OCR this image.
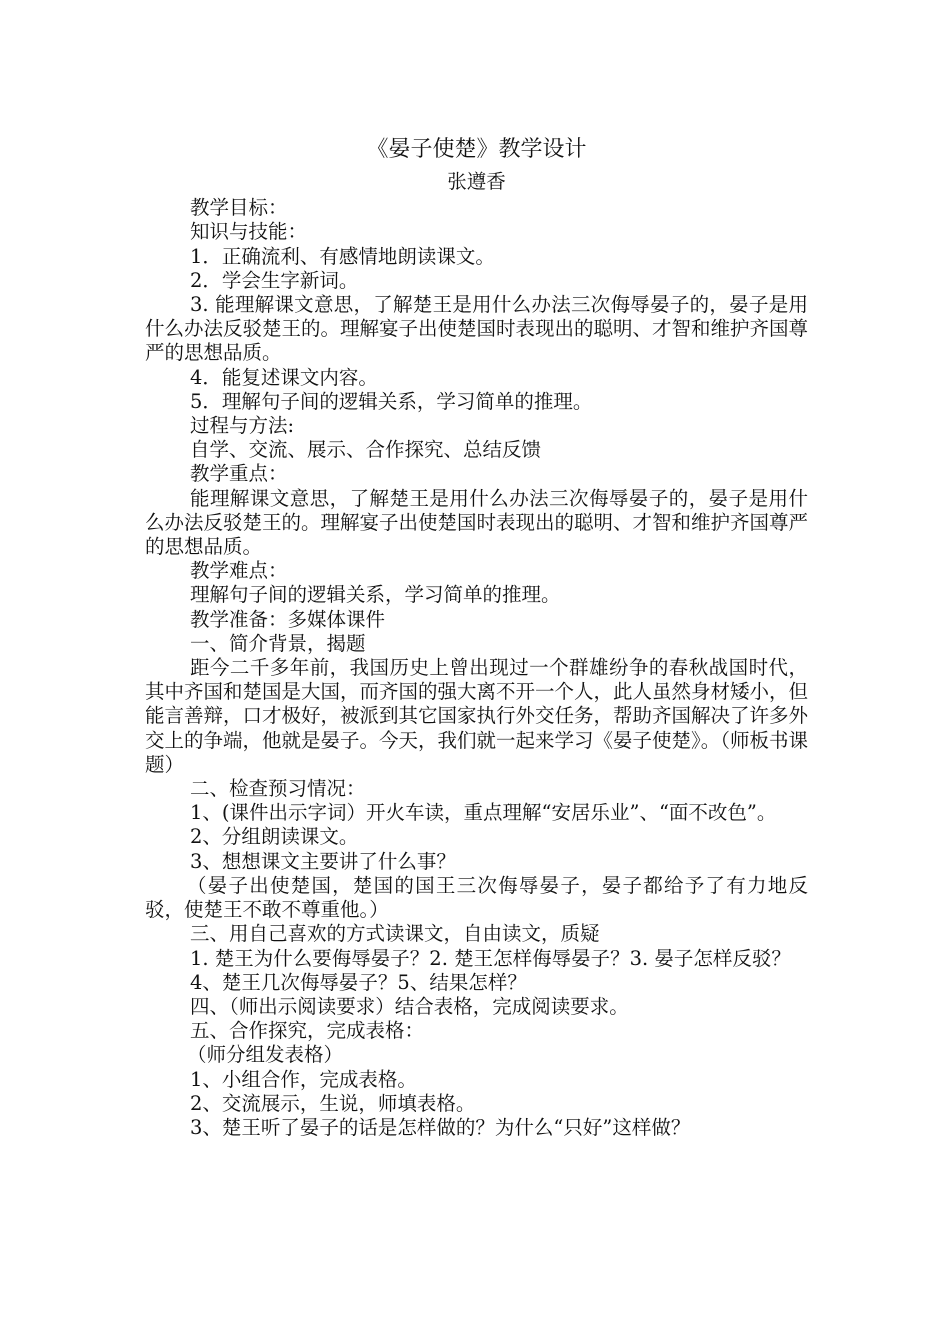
《晏子使楚》教学设计
张遵香

教学目标：

知识与技能：

1．正确流利、有感情地朗读课文。

2．学会生字新词。

3. 能理解课文意思，了解楚王是用什么办法三次侮辱晏子的，晏子是用什么办法反驳楚王的。理解宴子出使楚国时表现出的聪明、才智和维护齐国尊严的思想品质。

4．能复述课文内容。

5．理解句子间的逻辑关系，学习简单的推理。

过程与方法:

自学、交流、展示、合作探究、总结反馈

教学重点：

能理解课文意思，了解楚王是用什么办法三次侮辱晏子的，晏子是用什么办法反驳楚王的。理解宴子出使楚国时表现出的聪明、才智和维护齐国尊严的思想品质。

教学难点：

理解句子间的逻辑关系，学习简单的推理。

教学准备：多媒体课件

一、简介背景，揭题

距今二千多年前，我国历史上曾出现过一个群雄纷争的春秋战国时代，其中齐国和楚国是大国，而齐国的强大离不开一个人，此人虽然身材矮小，但能言善辩，口才极好，被派到其它国家执行外交任务，帮助齐国解决了许多外交上的争端，他就是晏子。今天，我们就一起来学习《晏子使楚》。（师板书课题）

二、检查预习情况：

1、(课件出示字词）开火车读，重点理解“安居乐业”、“面不改色”。

2、分组朗读课文。

3、想想课文主要讲了什么事？

（晏子出使楚国，楚国的国王三次侮辱晏子，晏子都给予了有力地反驳，使楚王不敢不尊重他。）

三、用自己喜欢的方式读课文，自由读文，质疑

1. 楚王为什么要侮辱晏子？2. 楚王怎样侮辱晏子？3. 晏子怎样反驳？

4、楚王几次侮辱晏子？5、结果怎样？

四、（师出示阅读要求）结合表格，完成阅读要求。

五、合作探究，完成表格：

（师分组发表格）

1、小组合作，完成表格。

2、交流展示，生说，师填表格。

3、楚王听了晏子的话是怎样做的？为什么“只好”这样做？
